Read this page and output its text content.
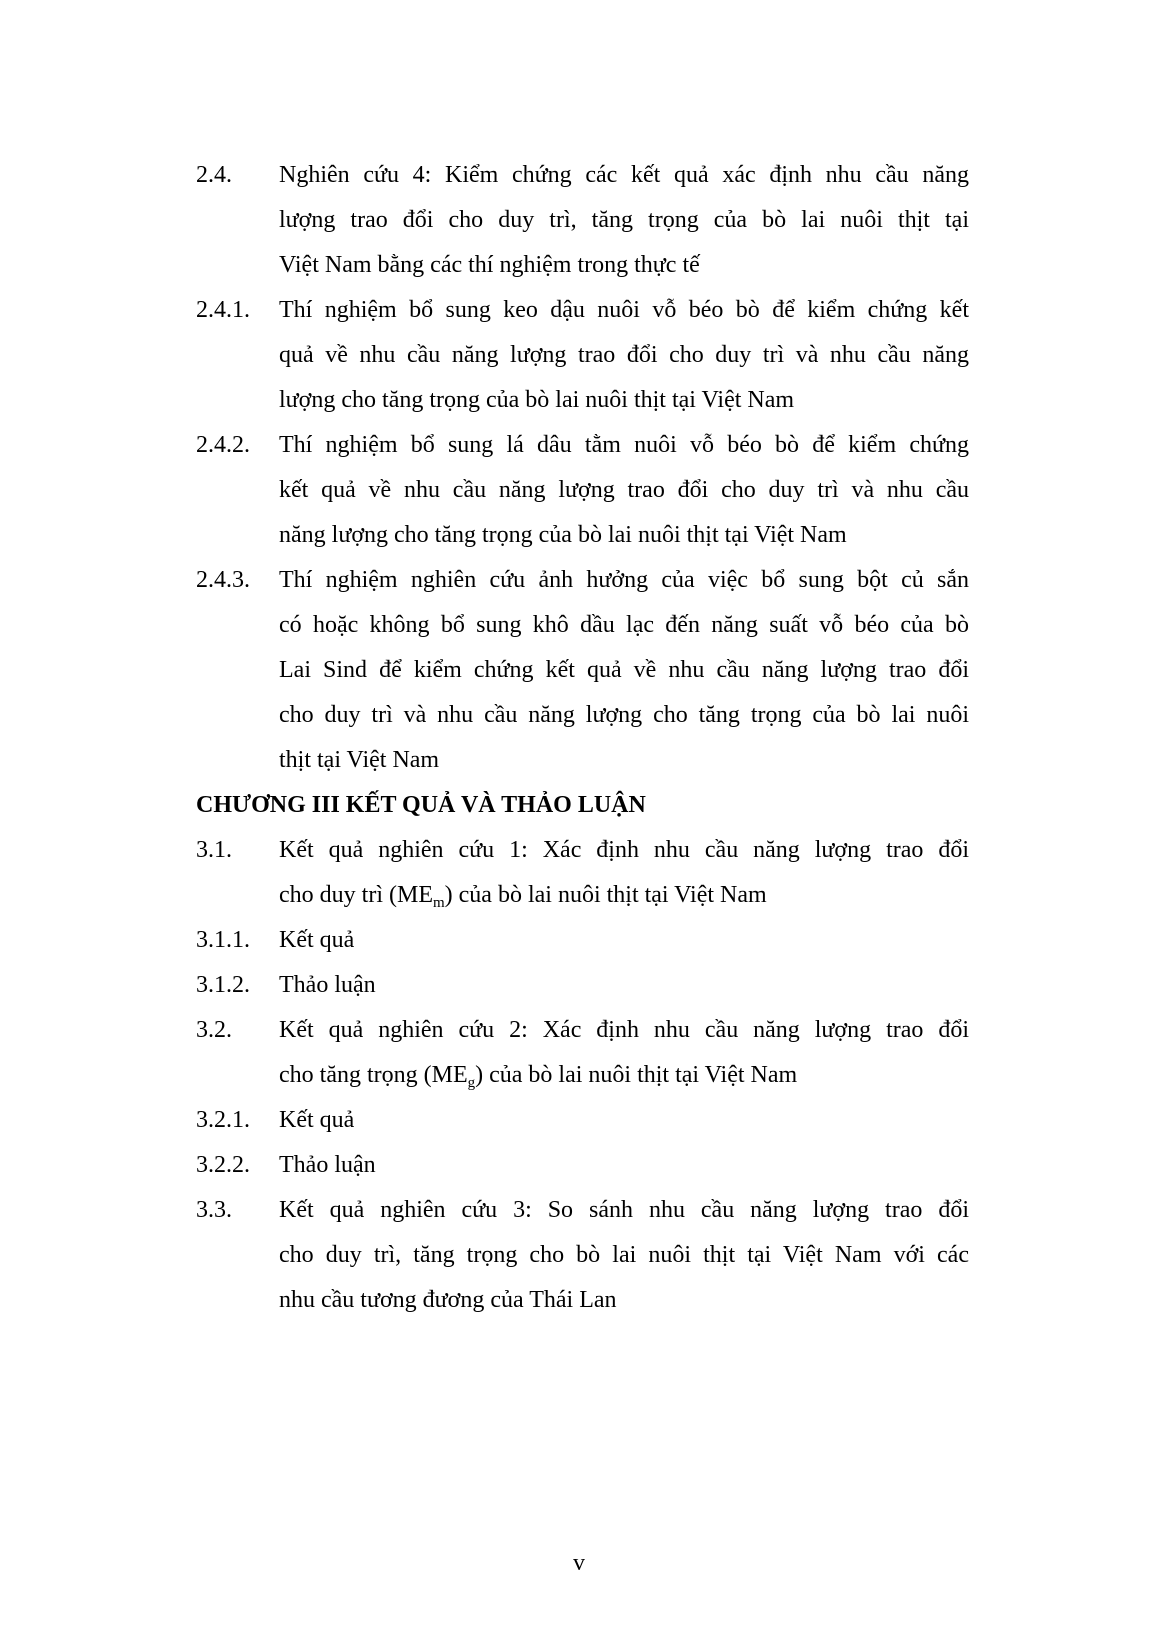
2.4. Nghiên cứu 4: Kiểm chứng các kết quả xác định nhu cầu năng
lượng trao đổi cho duy trì, tăng trọng của bò lai nuôi thịt tại
Việt Nam bằng các thí nghiệm trong thực tế
2.4.1. Thí nghiệm bổ sung keo dậu nuôi vỗ béo bò để kiểm chứng kết
quả về nhu cầu năng lượng trao đổi cho duy trì và nhu cầu năng
lượng cho tăng trọng của bò lai nuôi thịt tại Việt Nam
2.4.2. Thí nghiệm bổ sung lá dâu tằm nuôi vỗ béo bò để kiểm chứng
kết quả về nhu cầu năng lượng trao đổi cho duy trì và nhu cầu
năng lượng cho tăng trọng của bò lai nuôi thịt tại Việt Nam
2.4.3. Thí nghiệm nghiên cứu ảnh hưởng của việc bổ sung bột củ sắn
có hoặc không bổ sung khô dầu lạc đến năng suất vỗ béo của bò
Lai Sind để kiểm chứng kết quả về nhu cầu năng lượng trao đổi
cho duy trì và nhu cầu năng lượng cho tăng trọng của bò lai nuôi
thịt tại Việt Nam
CHƯƠNG III KẾT QUẢ VÀ THẢO LUẬN
3.1. Kết quả nghiên cứu 1: Xác định nhu cầu năng lượng trao đổi
cho duy trì $(ME_m)$ của bò lai nuôi thịt tại Việt Nam
3.1.1. Kết quả
3.1.2. Thảo luận
3.2. Kết quả nghiên cứu 2: Xác định nhu cầu năng lượng trao đổi
cho tăng trọng $(ME_g)$ của bò lai nuôi thịt tại Việt Nam
3.2.1. Kết quả
3.2.2. Thảo luận
3.3. Kết quả nghiên cứu 3: So sánh nhu cầu năng lượng trao đổi
cho duy trì, tăng trọng cho bò lai nuôi thịt tại Việt Nam với các
nhu cầu tương đương của Thái Lan
v
